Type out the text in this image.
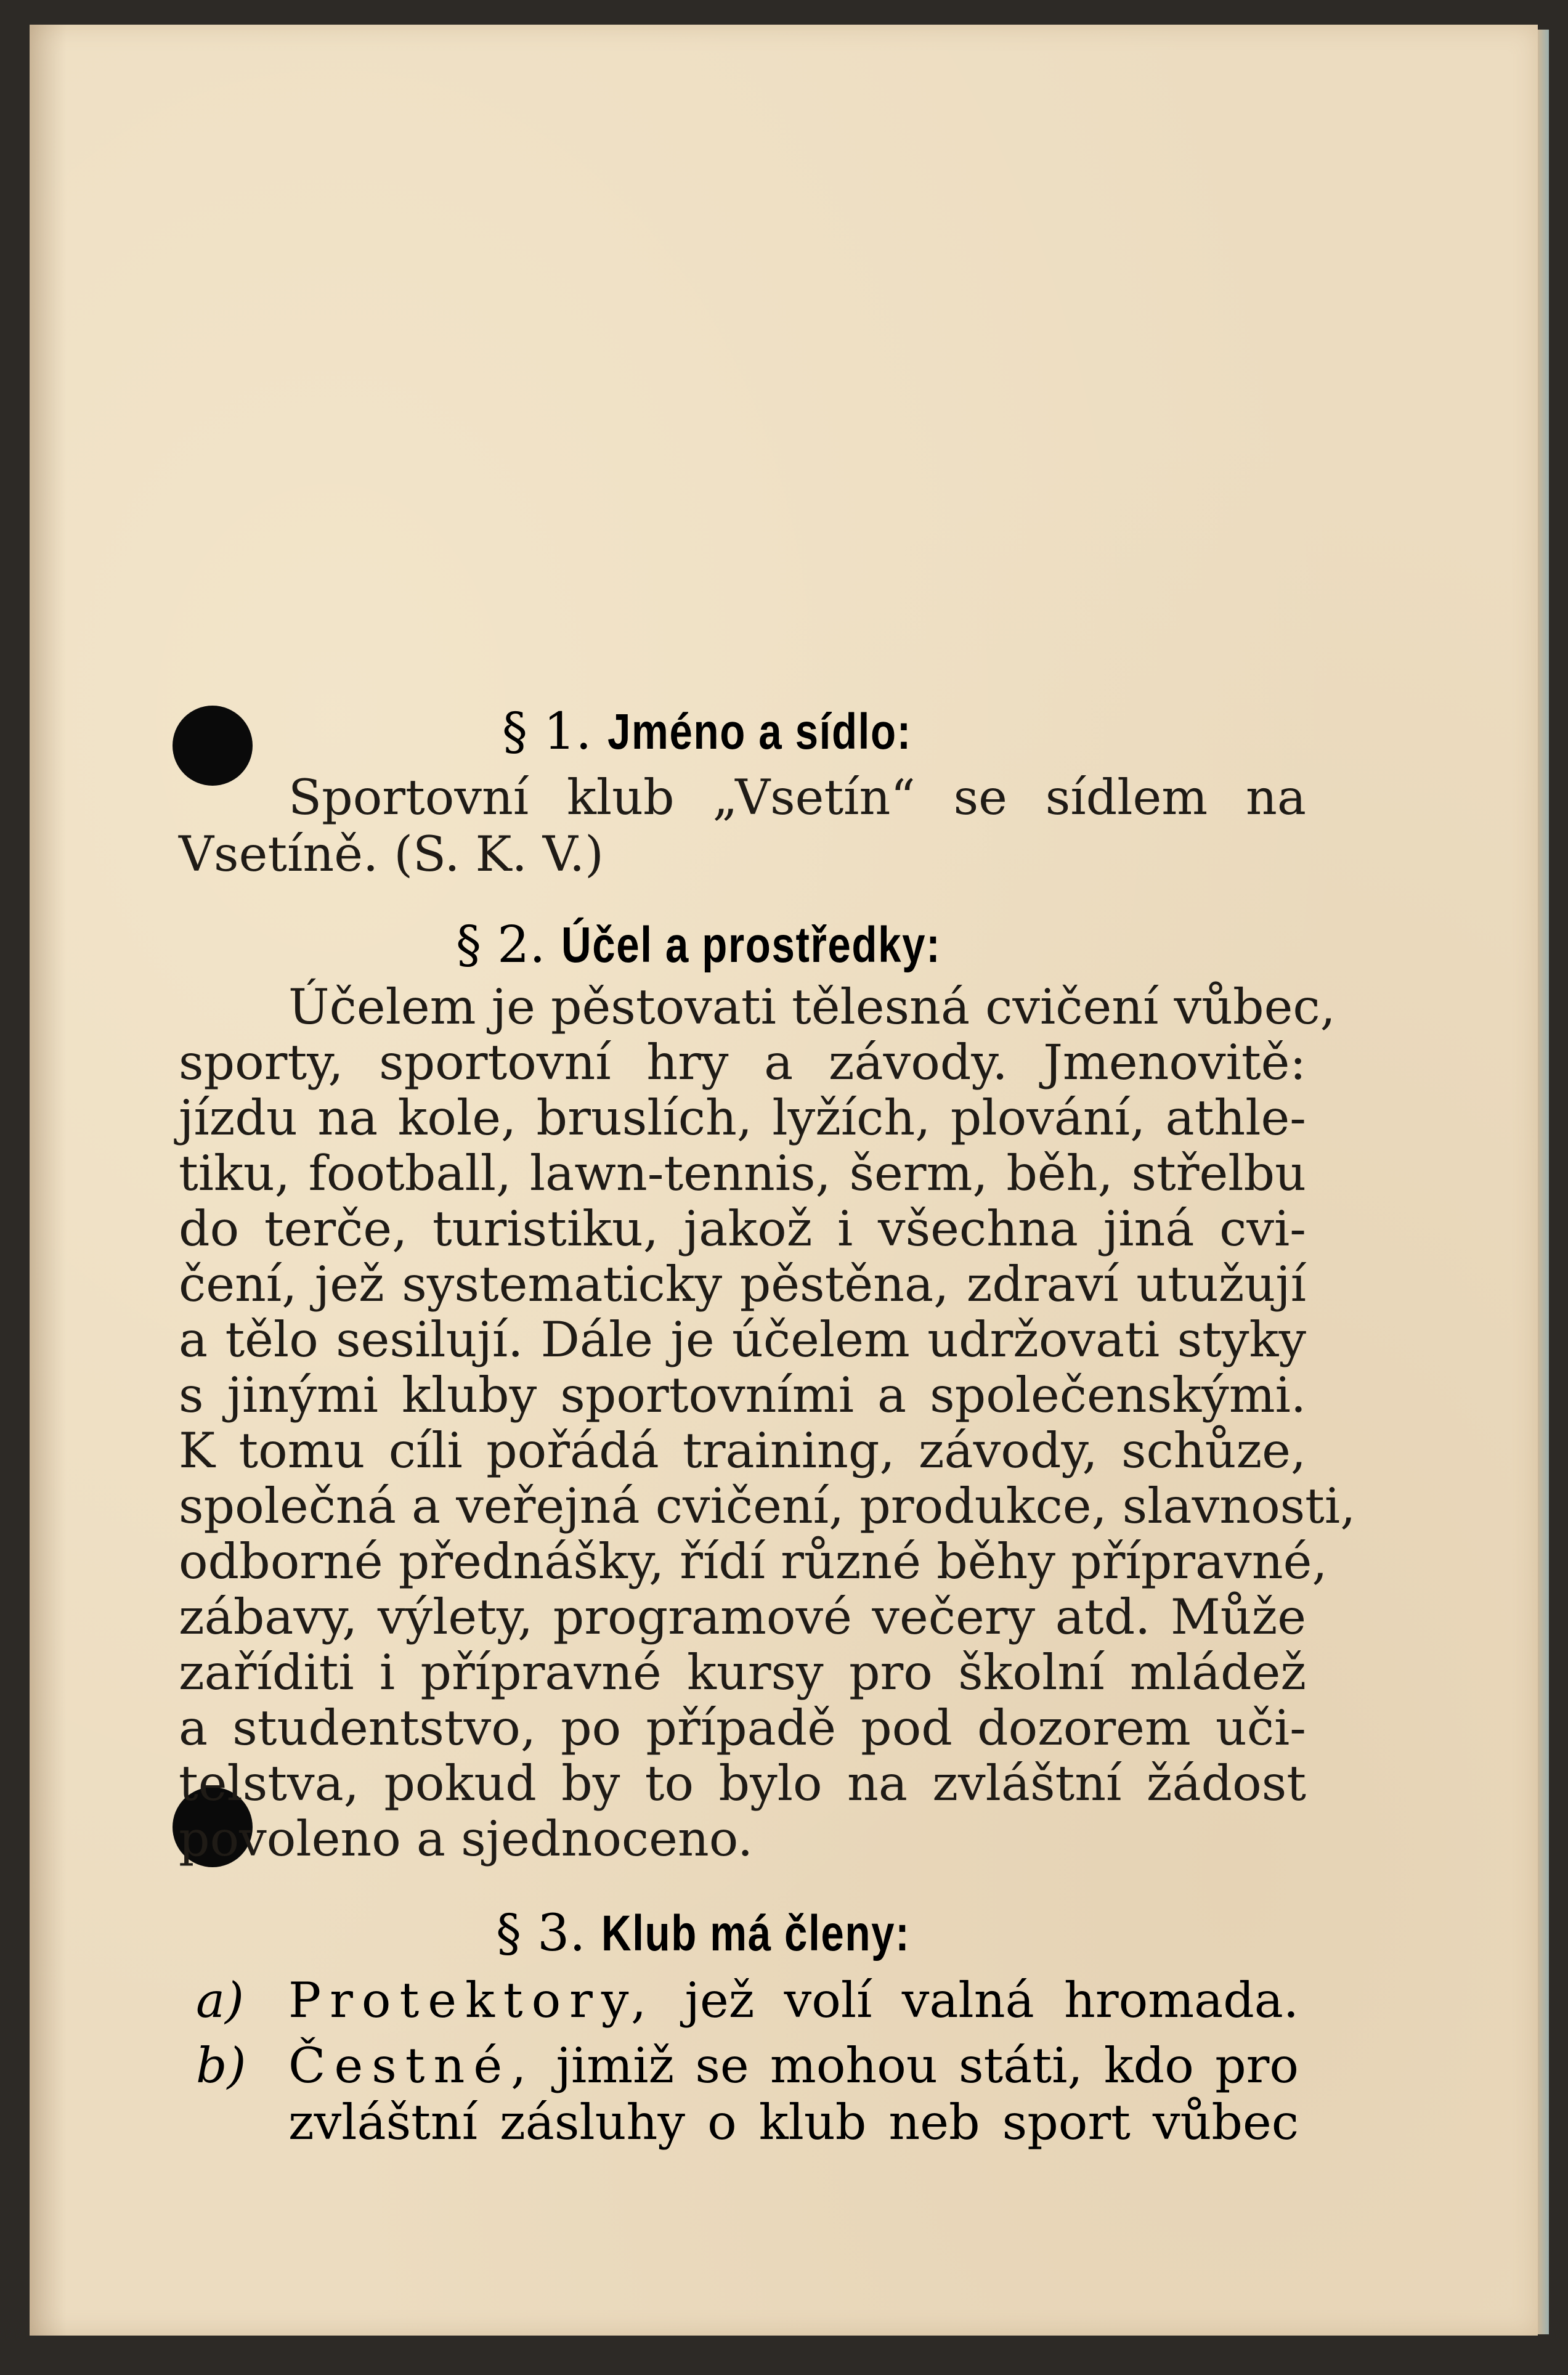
§ 1. Jméno a sídlo:
Sportovní klub „Vsetín“ se sídlem na
Vsetíně. (S. K. V.)
§ 2. Účel a prostředky:
Účelem je pěstovati tělesná cvičení vůbec,
sporty, sportovní hry a závody. Jmenovitě:
jízdu na kole, bruslích, lyžích, plování, athle-
tiku, football, lawn-tennis, šerm, běh, střelbu
do terče, turistiku, jakož i všechna jiná cvi-
čení, jež systematicky pěstěna, zdraví utužují
a tělo sesilují. Dále je účelem udržovati styky
s jinými kluby sportovními a společenskými.
K tomu cíli pořádá training, závody, schůze,
společná a veřejná cvičení, produkce, slavnosti,
odborné přednášky, řídí různé běhy přípravné,
zábavy, výlety, programové večery atd. Může
zaříditi i přípravné kursy pro školní mládež
a studentstvo, po případě pod dozorem uči-
telstva, pokud by to bylo na zvláštní žádost
povoleno a sjednoceno.
§ 3. Klub má členy:
a) Protektory, jež volí valná hromada.
b) Čestné, jimiž se mohou státi, kdo pro
zvláštní zásluhy o klub neb sport vůbec
